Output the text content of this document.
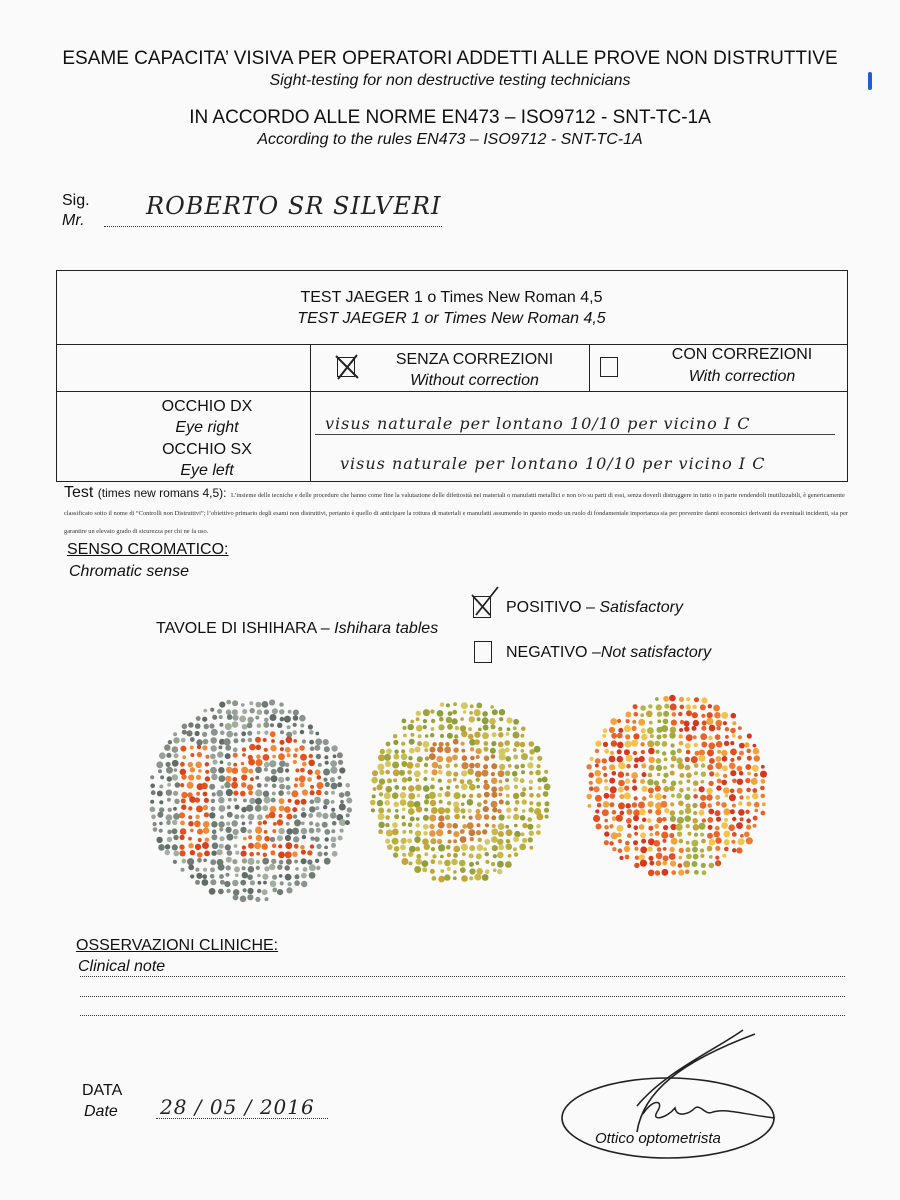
ESAME CAPACITA’ VISIVA PER OPERATORI ADDETTI ALLE PROVE NON DISTRUTTIVE
Sight-testing for non destructive testing technicians
IN ACCORDO ALLE NORME EN473 – ISO9712 - SNT-TC-1A
According to the rules EN473 – ISO9712 - SNT-TC-1A
Sig.
Mr.
ROBERTO SR SILVERI
TEST JAEGER 1 o Times New Roman 4,5
TEST JAEGER 1 or Times New Roman 4,5
SENZA CORREZIONI
Without correction
CON CORREZIONI
With correction
OCCHIO DX
Eye right
OCCHIO SX
Eye left
visus naturale per lontano 10/10 per vicino I C
visus naturale per lontano 10/10 per vicino I C
Test (times new romans 4,5): L’insieme delle tecniche e delle procedure che hanno come fine la valutazione delle difettosità nei materiali o manufatti metallici e non o/o su parti di essi, senza doverli distruggere in tutto o in parte rendendoli inutilizzabili, è genericamente classificato sotto il nome di “Controlli non Distruttivi”; l’obiettivo primario degli esami non distruttivi, pertanto è quello di anticipare la rottura di materiali e manufatti assumendo in questo modo un ruolo di fondamentale importanza sia per prevenire danni economici derivanti da eventuali incidenti, sia per garantire un elevato grado di sicurezza per chi ne fa uso.
SENSO CROMATICO:
Chromatic sense
TAVOLE DI ISHIHARA – Ishihara tables
POSITIVO – Satisfactory
NEGATIVO –Not satisfactory
OSSERVAZIONI CLINICHE:
Clinical note
DATA
Date 28 / 05 / 2016
Ottico optometrista
